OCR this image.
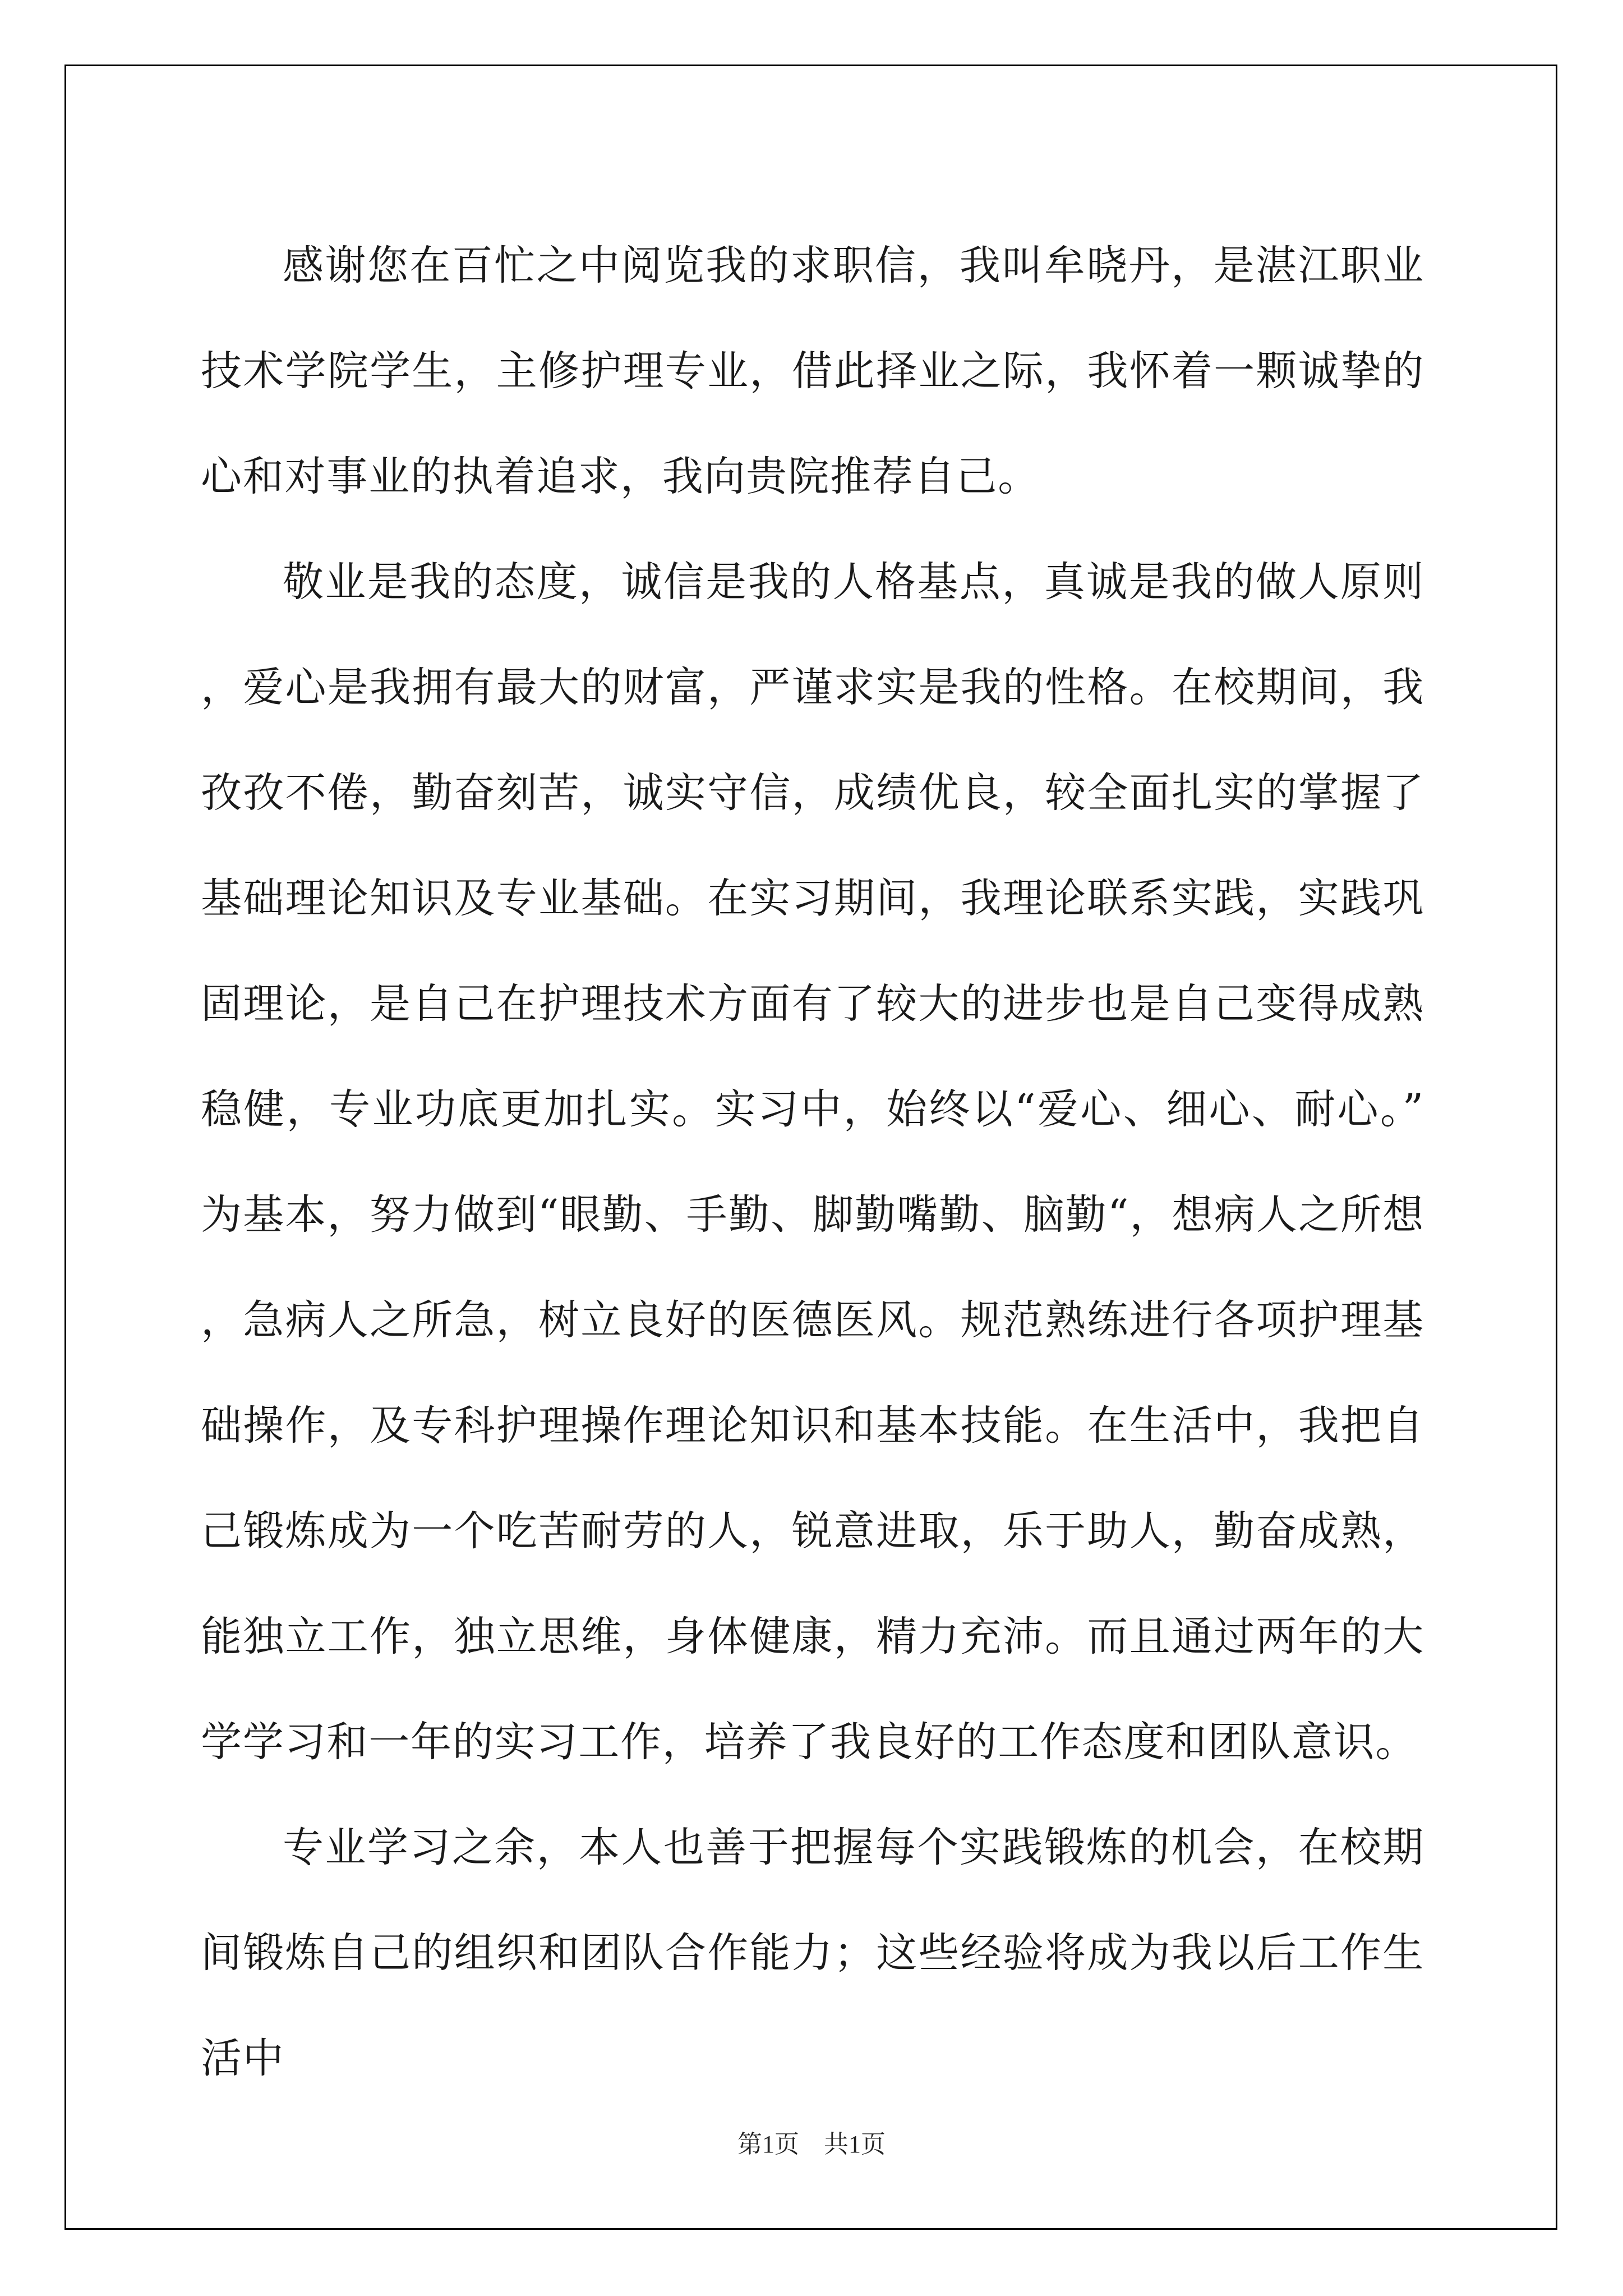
感谢您在百忙之中阅览我的求职信，我叫牟晓丹，是湛江职业技术学院学生，主修护理专业，借此择业之际，我怀着一颗诚挚的心和对事业的执着追求，我向贵院推荐自己。

敬业是我的态度，诚信是我的人格基点，真诚是我的做人原则，爱心是我拥有最大的财富，严谨求实是我的性格。在校期间，我孜孜不倦，勤奋刻苦，诚实守信，成绩优良，较全面扎实的掌握了基础理论知识及专业基础。在实习期间，我理论联系实践，实践巩固理论，是自己在护理技术方面有了较大的进步也是自己变得成熟稳健，专业功底更加扎实。实习中，始终以“爱心、细心、耐心。”为基本，努力做到“眼勤、手勤、脚勤嘴勤、脑勤“，想病人之所想，急病人之所急，树立良好的医德医风。规范熟练进行各项护理基础操作，及专科护理操作理论知识和基本技能。在生活中，我把自己锻炼成为一个吃苦耐劳的人，锐意进取，乐于助人，勤奋成熟，能独立工作，独立思维，身体健康，精力充沛。而且通过两年的大学学习和一年的实习工作，培养了我良好的工作态度和团队意识。

专业学习之余，本人也善于把握每个实践锻炼的机会，在校期间锻炼自己的组织和团队合作能力；这些经验将成为我以后工作生活中

第1页　共1页
